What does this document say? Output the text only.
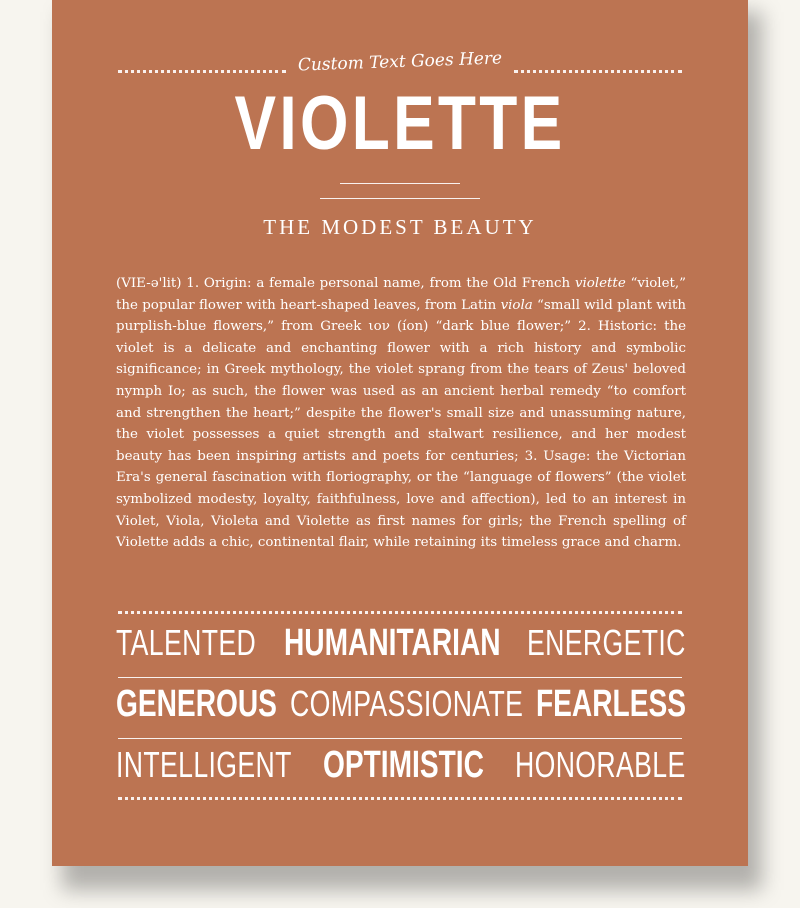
Custom Text Goes Here
VIOLETTE
THE MODEST BEAUTY
(VIE-ə'lit) 1. Origin: a female personal name, from the Old French violette “violet,” the popular flower with heart-shaped leaves, from Latin viola “small wild plant with purplish-blue flowers,” from Greek ιον (íon) “dark blue flower;” 2. Historic: the violet is a delicate and enchanting flower with a rich history and symbolic significance; in Greek mythology, the violet sprang from the tears of Zeus' beloved nymph Io; as such, the flower was used as an ancient herbal remedy “to comfort and strengthen the heart;” despite the flower's small size and unassuming nature, the violet possesses a quiet strength and stalwart resilience, and her modest beauty has been inspiring artists and poets for centuries; 3. Usage: the Victorian Era's general fascination with floriography, or the “language of flowers” (the violet symbolized modesty, loyalty, faithfulness, love and affection), led to an interest in Violet, Viola, Violeta and Violette as first names for girls; the French spelling of Violette adds a chic, continental flair, while retaining its timeless grace and charm.
TALENTED HUMANITARIAN ENERGETIC
GENEROUS COMPASSIONATE FEARLESS
INTELLIGENT OPTIMISTIC HONORABLE
